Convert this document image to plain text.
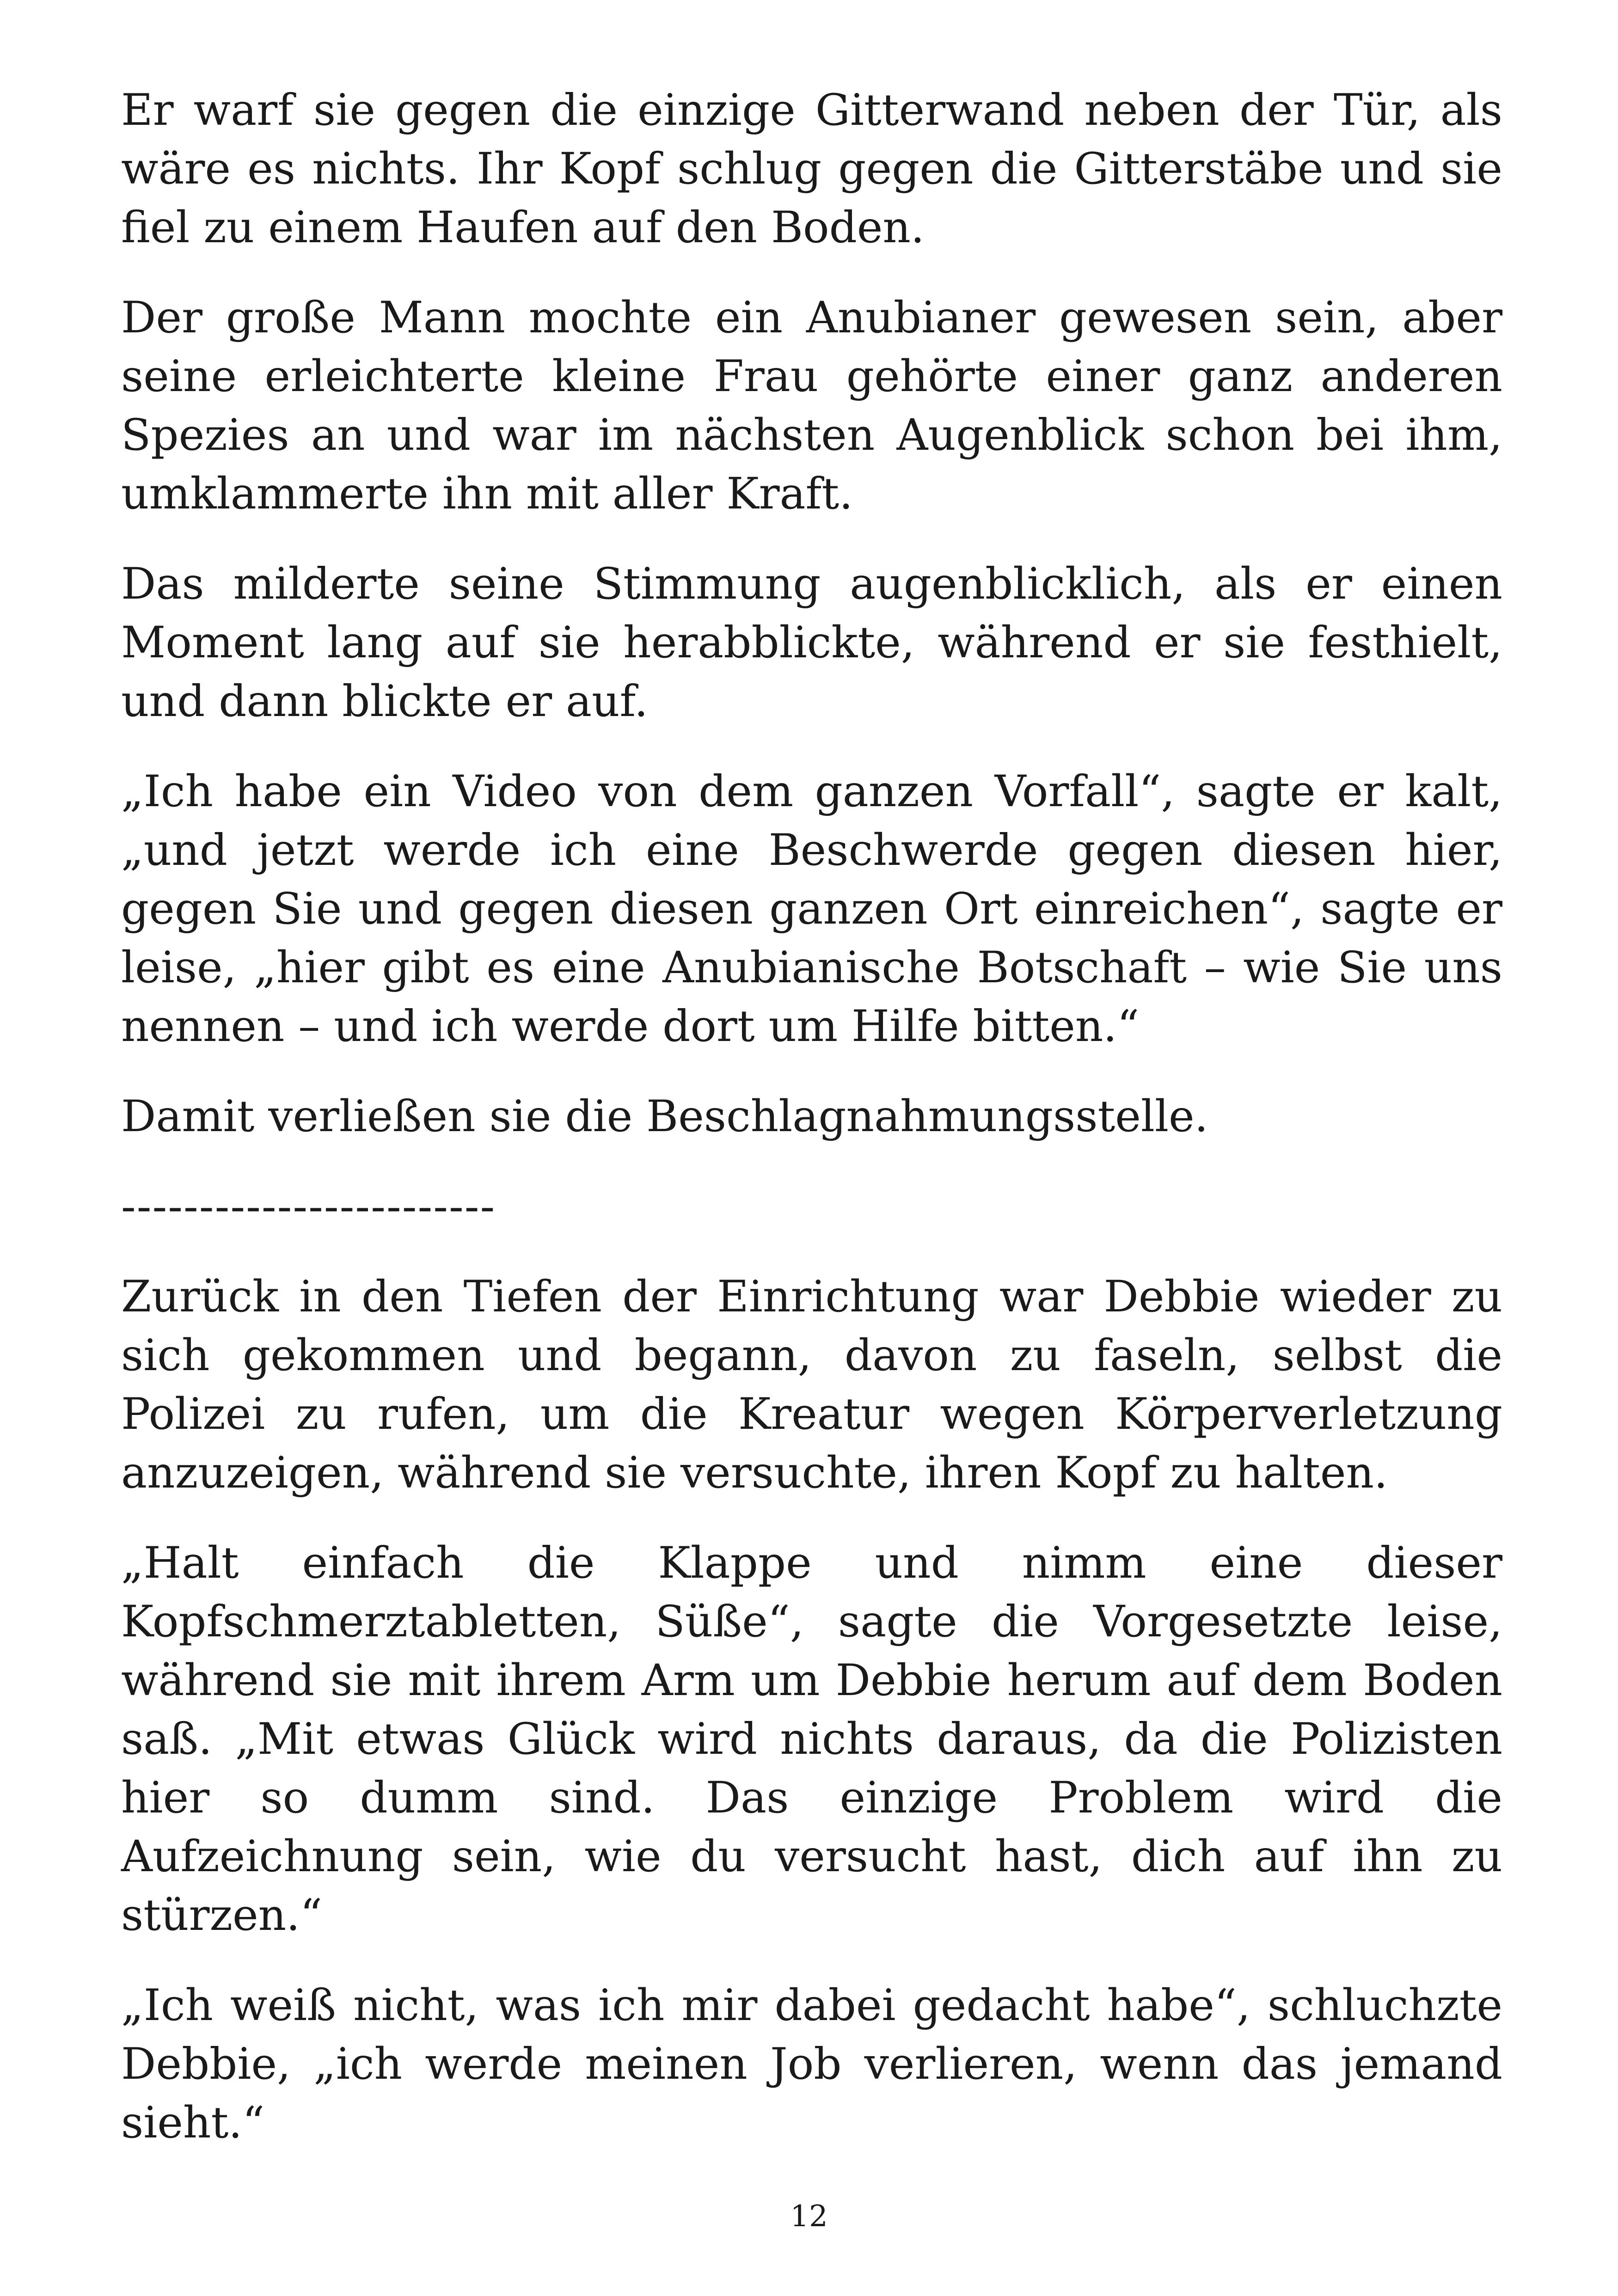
Er warf sie gegen die einzige Gitterwand neben der Tür, als wäre es nichts. Ihr Kopf schlug gegen die Gitterstäbe und sie fiel zu einem Haufen auf den Boden.

Der große Mann mochte ein Anubianer gewesen sein, aber seine erleichterte kleine Frau gehörte einer ganz anderen Spezies an und war im nächsten Augenblick schon bei ihm, umklammerte ihn mit aller Kraft.

Das milderte seine Stimmung augenblicklich, als er einen Moment lang auf sie herabblickte, während er sie festhielt, und dann blickte er auf.

„Ich habe ein Video von dem ganzen Vorfall“, sagte er kalt, „und jetzt werde ich eine Beschwerde gegen diesen hier, gegen Sie und gegen diesen ganzen Ort einreichen“, sagte er leise, „hier gibt es eine Anubianische Botschaft – wie Sie uns nennen – und ich werde dort um Hilfe bitten.“

Damit verließen sie die Beschlagnahmungsstelle.

------------------------

Zurück in den Tiefen der Einrichtung war Debbie wieder zu sich gekommen und begann, davon zu faseln, selbst die Polizei zu rufen, um die Kreatur wegen Körperverletzung anzuzeigen, während sie versuchte, ihren Kopf zu halten.

„Halt einfach die Klappe und nimm eine dieser Kopfschmerztabletten, Süße“, sagte die Vorgesetzte leise, während sie mit ihrem Arm um Debbie herum auf dem Boden saß. „Mit etwas Glück wird nichts daraus, da die Polizisten hier so dumm sind. Das einzige Problem wird die Aufzeichnung sein, wie du versucht hast, dich auf ihn zu stürzen.“

„Ich weiß nicht, was ich mir dabei gedacht habe“, schluchzte Debbie, „ich werde meinen Job verlieren, wenn das jemand sieht.“

12
